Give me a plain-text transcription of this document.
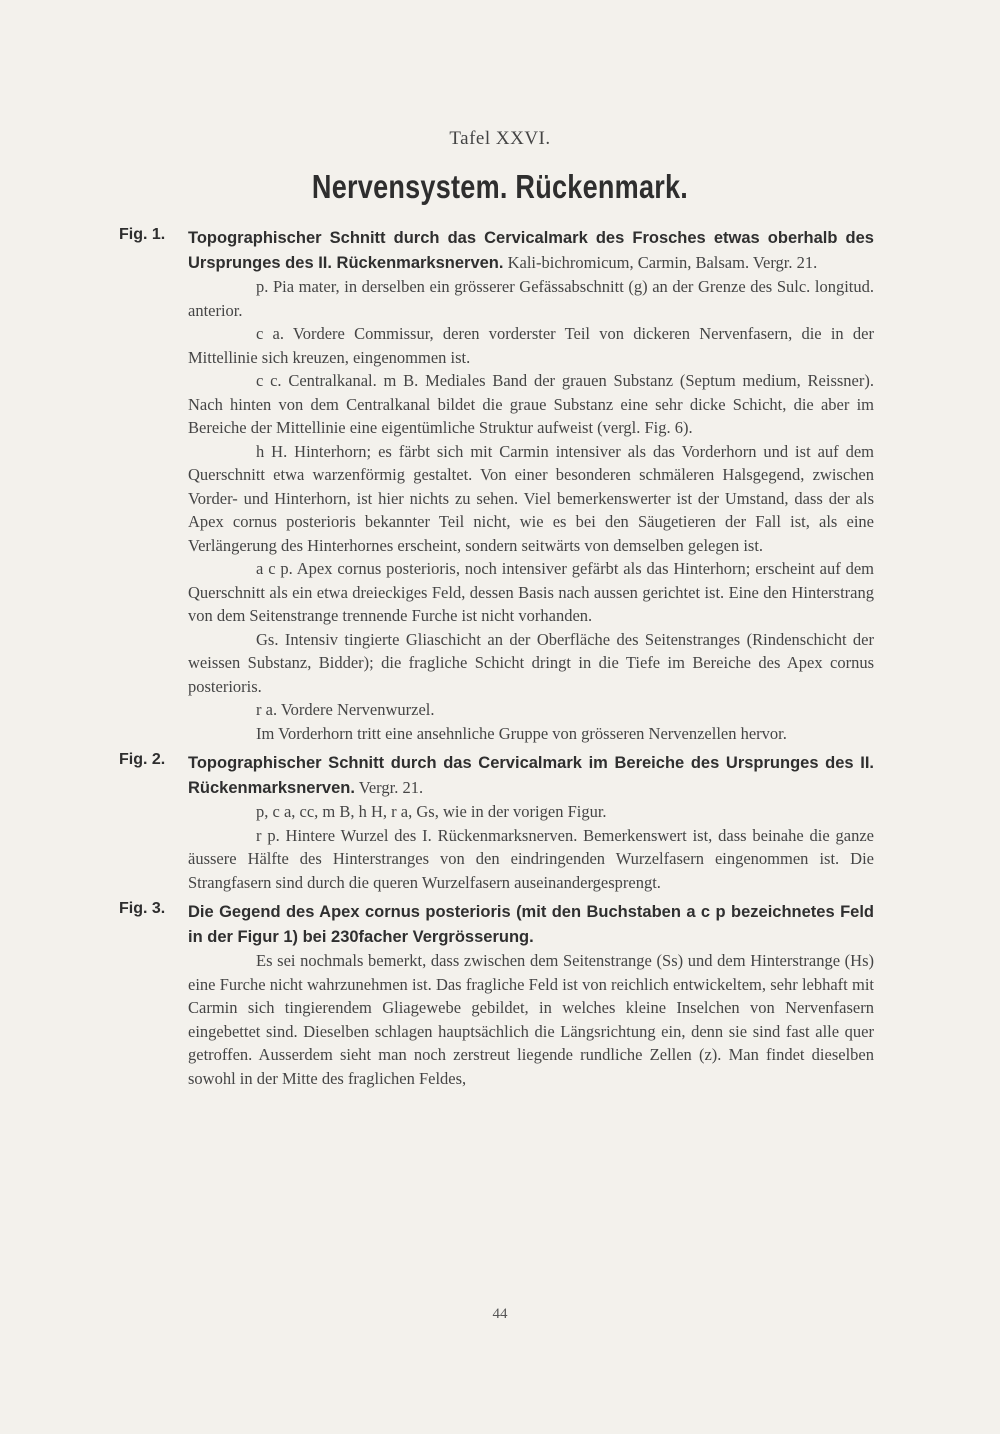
Tafel XXVI.
Nervensystem. Rückenmark.
Fig. 1.	Topographischer Schnitt durch das Cervicalmark des Frosches etwas oberhalb des Ursprunges des II. Rückenmarksnerven. Kali-bichromicum, Carmin, Balsam. Vergr. 21.

p. Pia mater, in derselben ein grösserer Gefässabschnitt (g) an der Grenze des Sulc. longitud. anterior.

c a. Vordere Commissur, deren vorderster Teil von dickeren Nervenfasern, die in der Mittellinie sich kreuzen, eingenommen ist.

c c. Centralkanal. m B. Mediales Band der grauen Substanz (Septum medium, Reissner). Nach hinten von dem Centralkanal bildet die graue Substanz eine sehr dicke Schicht, die aber im Bereiche der Mittellinie eine eigentümliche Struktur aufweist (vergl. Fig. 6).

h H. Hinterhorn; es färbt sich mit Carmin intensiver als das Vorderhorn und ist auf dem Querschnitt etwa warzenförmig gestaltet. Von einer besonderen schmäleren Halsgegend, zwischen Vorder- und Hinterhorn, ist hier nichts zu sehen. Viel bemerkenswerter ist der Umstand, dass der als Apex cornus posterioris bekannter Teil nicht, wie es bei den Säugetieren der Fall ist, als eine Verlängerung des Hinterhornes erscheint, sondern seitwärts von demselben gelegen ist.

a c p. Apex cornus posterioris, noch intensiver gefärbt als das Hinterhorn; erscheint auf dem Querschnitt als ein etwa dreieckiges Feld, dessen Basis nach aussen gerichtet ist. Eine den Hinterstrang von dem Seitenstrange trennende Furche ist nicht vorhanden.

Gs. Intensiv tingierte Gliaschicht an der Oberfläche des Seitenstranges (Rindenschicht der weissen Substanz, Bidder); die fragliche Schicht dringt in die Tiefe im Bereiche des Apex cornus posterioris.

r a. Vordere Nervenwurzel.

Im Vorderhorn tritt eine ansehnliche Gruppe von grösseren Nervenzellen hervor.

Fig. 2.	Topographischer Schnitt durch das Cervicalmark im Bereiche des Ursprunges des II. Rückenmarksnerven. Vergr. 21.

p, c a, cc, m B, h H, r a, Gs, wie in der vorigen Figur.

r p. Hintere Wurzel des I. Rückenmarksnerven. Bemerkenswert ist, dass beinahe die ganze äussere Hälfte des Hinterstranges von den eindringenden Wurzelfasern eingenommen ist. Die Strangfasern sind durch die queren Wurzelfasern auseinandergesprengt.

Fig. 3.	Die Gegend des Apex cornus posterioris (mit den Buchstaben a c p bezeichnetes Feld in der Figur 1) bei 230facher Vergrösserung.

Es sei nochmals bemerkt, dass zwischen dem Seitenstrange (Ss) und dem Hinterstrange (Hs) eine Furche nicht wahrzunehmen ist. Das fragliche Feld ist von reichlich entwickeltem, sehr lebhaft mit Carmin sich tingierendem Gliagewebe gebildet, in welches kleine Inselchen von Nervenfasern eingebettet sind. Dieselben schlagen hauptsächlich die Längsrichtung ein, denn sie sind fast alle quer getroffen. Ausserdem sieht man noch zerstreut liegende rundliche Zellen (z). Man findet dieselben sowohl in der Mitte des fraglichen Feldes,

44
